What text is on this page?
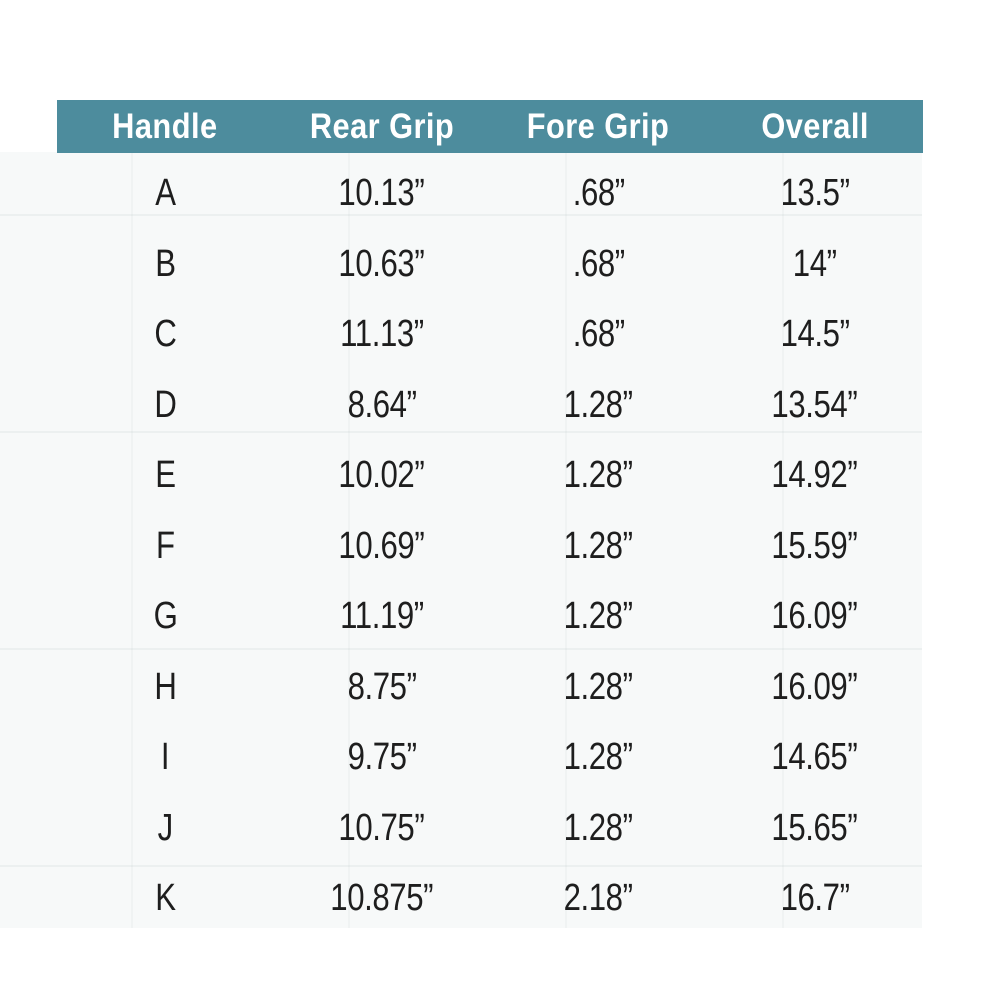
Handle	Rear Grip	Fore Grip	Overall
A	10.13”	.68”	13.5”
B	10.63”	.68”	14”
C	11.13”	.68”	14.5”
D	8.64”	1.28”	13.54”
E	10.02”	1.28”	14.92”
F	10.69”	1.28”	15.59”
G	11.19”	1.28”	16.09”
H	8.75”	1.28”	16.09”
I	9.75”	1.28”	14.65”
J	10.75”	1.28”	15.65”
K	10.875”	2.18”	16.7”
